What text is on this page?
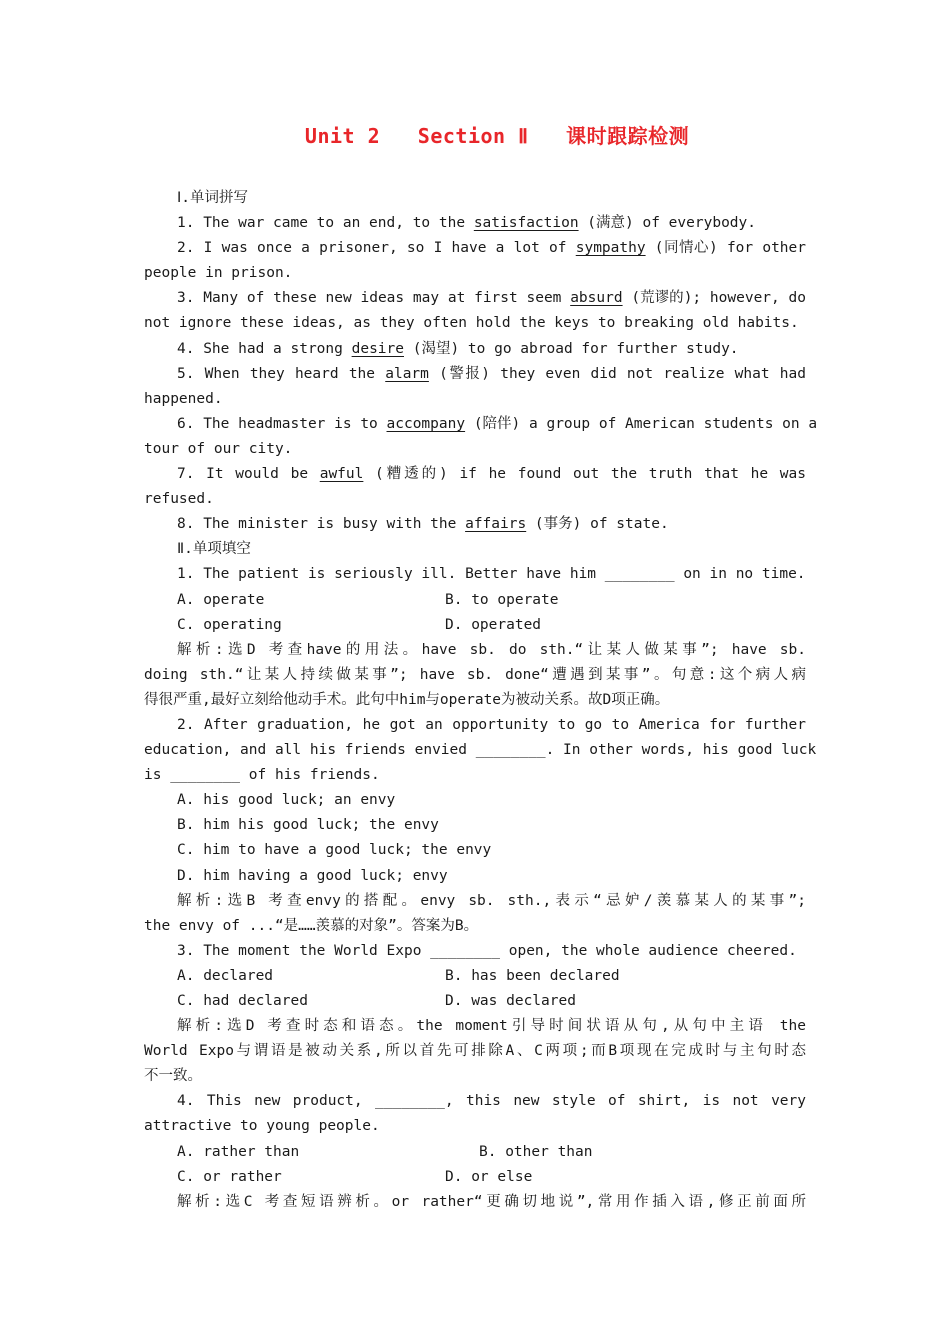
Unit 2   Section Ⅱ   课时跟踪检测
Ⅰ.单词拼写
1. The war came to an end, to the satisfaction (满意) of everybody.
2. I was once a prisoner, so I have a lot of sympathy (同情心) for other
people in prison.
3. Many of these new ideas may at first seem absurd (荒谬的); however, do
not ignore these ideas, as they often hold the keys to breaking old habits.
4. She had a strong desire (渴望) to go abroad for further study.
5. When they heard the alarm (警报) they even did not realize what had
happened.
6. The headmaster is to accompany (陪伴) a group of American students on a
tour of our city.
7. It would be awful (糟透的) if he found out the truth that he was
refused.
8. The minister is busy with the affairs (事务) of state.
Ⅱ.单项填空
1. The patient is seriously ill. Better have him ________ on in no time.
A. operate	B. to operate
C. operating	D. operated
解析:选D 考查have的用法。have sb. do sth.“让某人做某事”; have sb.
doing sth.“让某人持续做某事”; have sb. done“遭遇到某事”。句意:这个病人病
得很严重,最好立刻给他动手术。此句中him与operate为被动关系。故D项正确。
2. After graduation, he got an opportunity to go to America for further
education, and all his friends envied ________. In other words, his good luck
is ________ of his friends.
A. his good luck; an envy
B. him his good luck; the envy
C. him to have a good luck; the envy
D. him having a good luck; envy
解析:选B 考查envy的搭配。envy sb. sth.,表示“忌妒/羡慕某人的某事”;
the envy of ...“是……羡慕的对象”。答案为B。
3. The moment the World Expo ________ open, the whole audience cheered.
A. declared	B. has been declared
C. had declared	D. was declared
解析:选D 考查时态和语态。the moment引导时间状语从句,从句中主语 the
World Expo与谓语是被动关系,所以首先可排除A、C两项;而B项现在完成时与主句时态
不一致。
4. This new product, ________, this new style of shirt, is not very
attractive to young people.
A. rather than	B. other than
C. or rather	D. or else
解析:选C 考查短语辨析。or rather“更确切地说”,常用作插入语,修正前面所
